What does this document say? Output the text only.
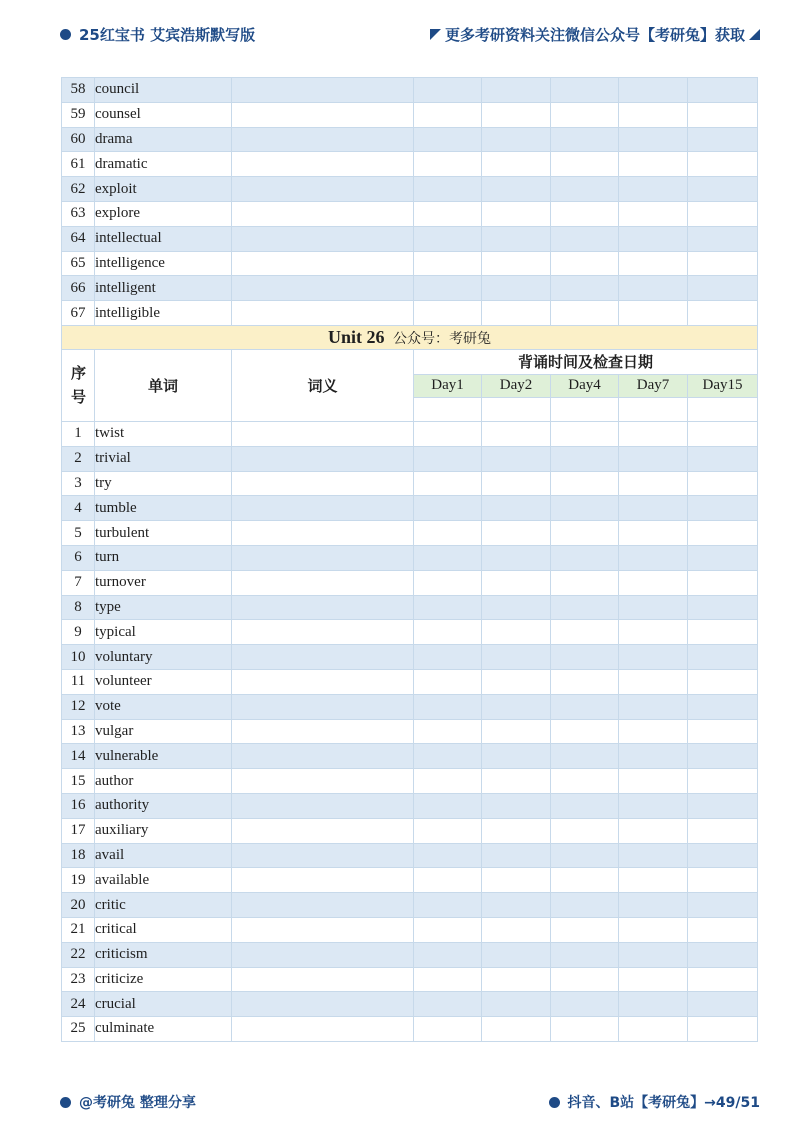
25红宝书 艾宾浩斯默写版	更多考研资料关注微信公众号【考研兔】获取
58	council						
59	counsel						
60	drama						
61	dramatic						
62	exploit						
63	explore						
64	intellectual						
65	intelligence						
66	intelligent						
67	intelligible						
Unit 26 公众号：考研兔							
序号	单词	词义	背诵时间及检查日期				
			Day1	Day2	Day4	Day7	Day15

1	twist						
2	trivial						
3	try						
4	tumble						
5	turbulent						
6	turn						
7	turnover						
8	type						
9	typical						
10	voluntary						
11	volunteer						
12	vote						
13	vulgar						
14	vulnerable						
15	author						
16	authority						
17	auxiliary						
18	avail						
19	available						
20	critic						
21	critical						
22	criticism						
23	criticize						
24	crucial						
25	culminate						
@考研兔 整理分享	抖音、B站【考研兔】→49/51
